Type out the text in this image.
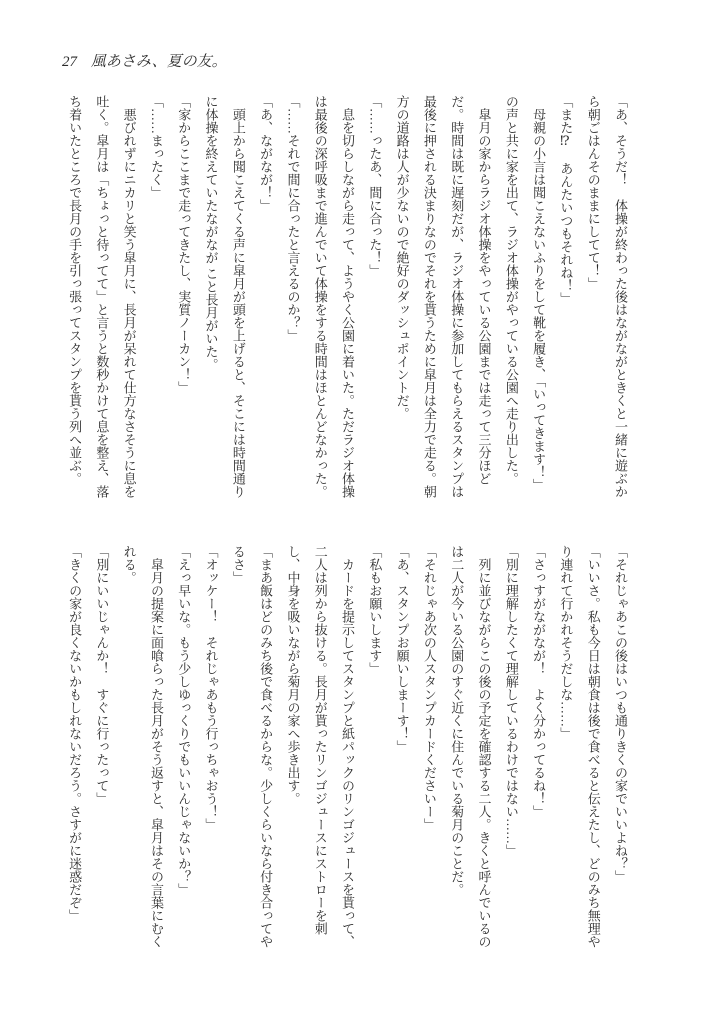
27 風あさみ、夏の友。
「あ、そうだ！　体操が終わった後はながながときくと一緒に遊ぶか
ら朝ごはんそのままにしてて！」
「また⁉　あんたいつもそれね！」
母親の小言は聞こえないふりをして靴を履き、「いってきます！」
の声と共に家を出て、ラジオ体操がやっている公園へ走り出した。
皐月の家からラジオ体操をやっている公園までは走って三分ほど
だ。時間は既に遅刻だが、ラジオ体操に参加してもらえるスタンプは
最後に押される決まりなのでそれを貰うために皐月は全力で走る。朝
方の道路は人が少ないので絶好のダッシュポイントだ。
「……ったあ、間に合った！」
息を切らしながら走って、ようやく公園に着いた。ただラジオ体操
は最後の深呼吸まで進んでいて体操をする時間はほとんどなかった。
「……それで間に合ったと言えるのか？」
「あ、ながなが！」
頭上から聞こえてくる声に皐月が頭を上げると、そこには時間通り
に体操を終えていたながなが こと長月がいた。
「家からここまで走ってきたし、実質ノーカン！」
「……まったく」
悪びれずにニカリと笑う皐月に、長月が呆れて仕方なさそうに息を
吐く。皐月は「ちょっと待ってて」と言うと数秒かけて息を整え、落
ち着いたところで長月の手を引っ張ってスタンプを貰う列へ並ぶ。
「それじゃあこの後はいつも通りきくの家でいいよね？」
「いいさ。私も今日は朝食は後で食べると伝えたし、どのみち無理や
り連れて行かれそうだしな……」
「さっすがながなが！　よく分かってるね！」
「別に理解したくて理解しているわけではない……」
列に並びながらこの後の予定を確認する二人。きくと呼んでいるの
は二人が今いる公園のすぐ近くに住んでいる菊月のことだ。
「それじゃあ次の人スタンプカードくださいー」
「あ、スタンプお願いしまーす！」
「私もお願いします」
カードを提示してスタンプと紙パックのリンゴジュースを貰って、
二人は列から抜ける。長月が貰ったリンゴジュースにストローを刺
し、中身を吸いながら菊月の家へ歩き出す。
「まあ飯はどのみち後で食べるからな。少しくらいなら付き合ってや
るさ」
「オッケー！　それじゃあもう行っちゃおう！」
「えっ早いな。もう少しゆっくりでもいいんじゃないか？」
皐月の提案に面喰らった長月がそう返すと、皐月はその言葉にむく
れる。
「別にいいじゃんか！　すぐに行ったって」
「きくの家が良くないかもしれないだろう。さすがに迷惑だぞ」
